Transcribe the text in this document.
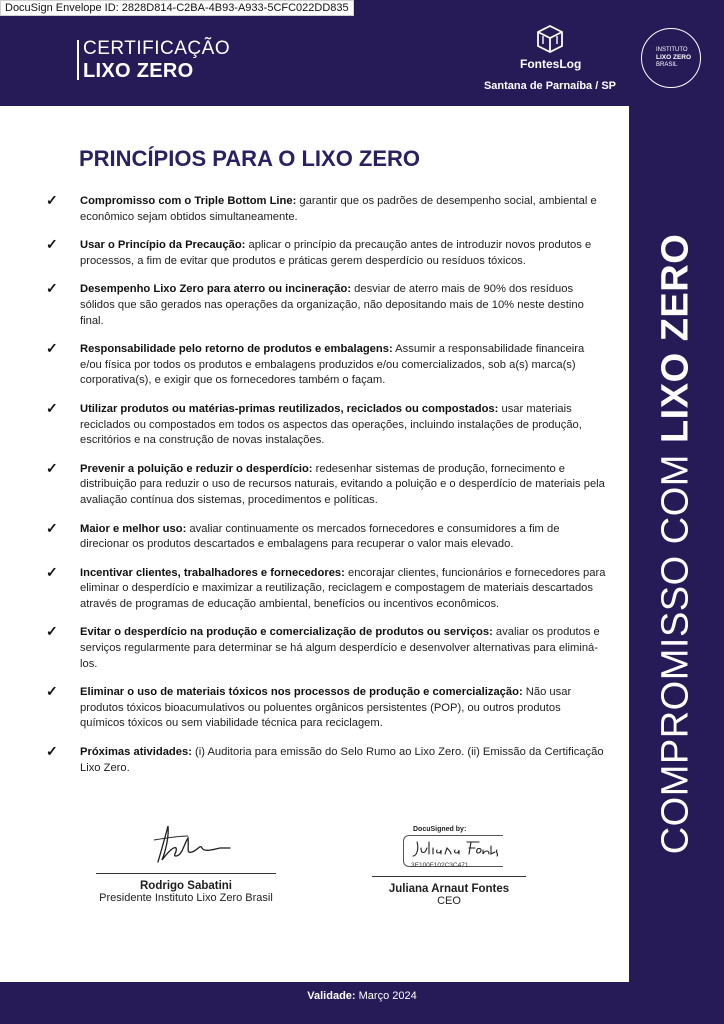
CERTIFICAÇÃO
LIXO ZERO	FontesLog
Santana de Parnaíba / SP
INSTITUTO
LIXO ZERO
BRASIL
DocuSign Envelope ID: 2828D814-C2BA-4B93-A933-5CFC022DD835
COMPROMISSO COM LIXO ZERO
PRINCÍPIOS PARA O LIXO ZERO
✓ Compromisso com o Triple Bottom Line: garantir que os padrões de desempenho social, ambiental e econômico sejam obtidos simultaneamente.
✓ Usar o Princípio da Precaução: aplicar o princípio da precaução antes de introduzir novos produtos e processos, a fim de evitar que produtos e práticas gerem desperdício ou resíduos tóxicos.
✓ Desempenho Lixo Zero para aterro ou incineração: desviar de aterro mais de 90% dos resíduos sólidos que são gerados nas operações da organização, não depositando mais de 10% neste destino final.
✓ Responsabilidade pelo retorno de produtos e embalagens: Assumir a responsabilidade financeira e/ou física por todos os produtos e embalagens produzidos e/ou comercializados, sob a(s) marca(s) corporativa(s), e exigir que os fornecedores também o façam.
✓ Utilizar produtos ou matérias-primas reutilizados, reciclados ou compostados: usar materiais reciclados ou compostados em todos os aspectos das operações, incluindo instalações de produção, escritórios e na construção de novas instalações.
✓ Prevenir a poluição e reduzir o desperdício: redesenhar sistemas de produção, fornecimento e distribuição para reduzir o uso de recursos naturais, evitando a poluição e o desperdício de materiais pela avaliação contínua dos sistemas, procedimentos e políticas.
✓ Maior e melhor uso: avaliar continuamente os mercados fornecedores e consumidores a fim de direcionar os produtos descartados e embalagens para recuperar o valor mais elevado.
✓ Incentivar clientes, trabalhadores e fornecedores: encorajar clientes, funcionários e fornecedores para eliminar o desperdício e maximizar a reutilização, reciclagem e compostagem de materiais descartados através de programas de educação ambiental, benefícios ou incentivos econômicos.
✓ Evitar o desperdício na produção e comercialização de produtos ou serviços: avaliar os produtos e serviços regularmente para determinar se há algum desperdício e desenvolver alternativas para eliminá-los.
✓ Eliminar o uso de materiais tóxicos nos processos de produção e comercialização: Não usar produtos tóxicos bioacumulativos ou poluentes orgânicos persistentes (POP), ou outros produtos químicos tóxicos ou sem viabilidade técnica para reciclagem.
✓ Próximas atividades: (i) Auditoria para emissão do Selo Rumo ao Lixo Zero. (ii) Emissão da Certificação Lixo Zero.
Rodrigo Sabatini
Presidente Instituto Lixo Zero Brasil
DocuSigned by:
3E100F102C3C471...
Juliana Arnaut Fontes
CEO
Validade: Março 2024
